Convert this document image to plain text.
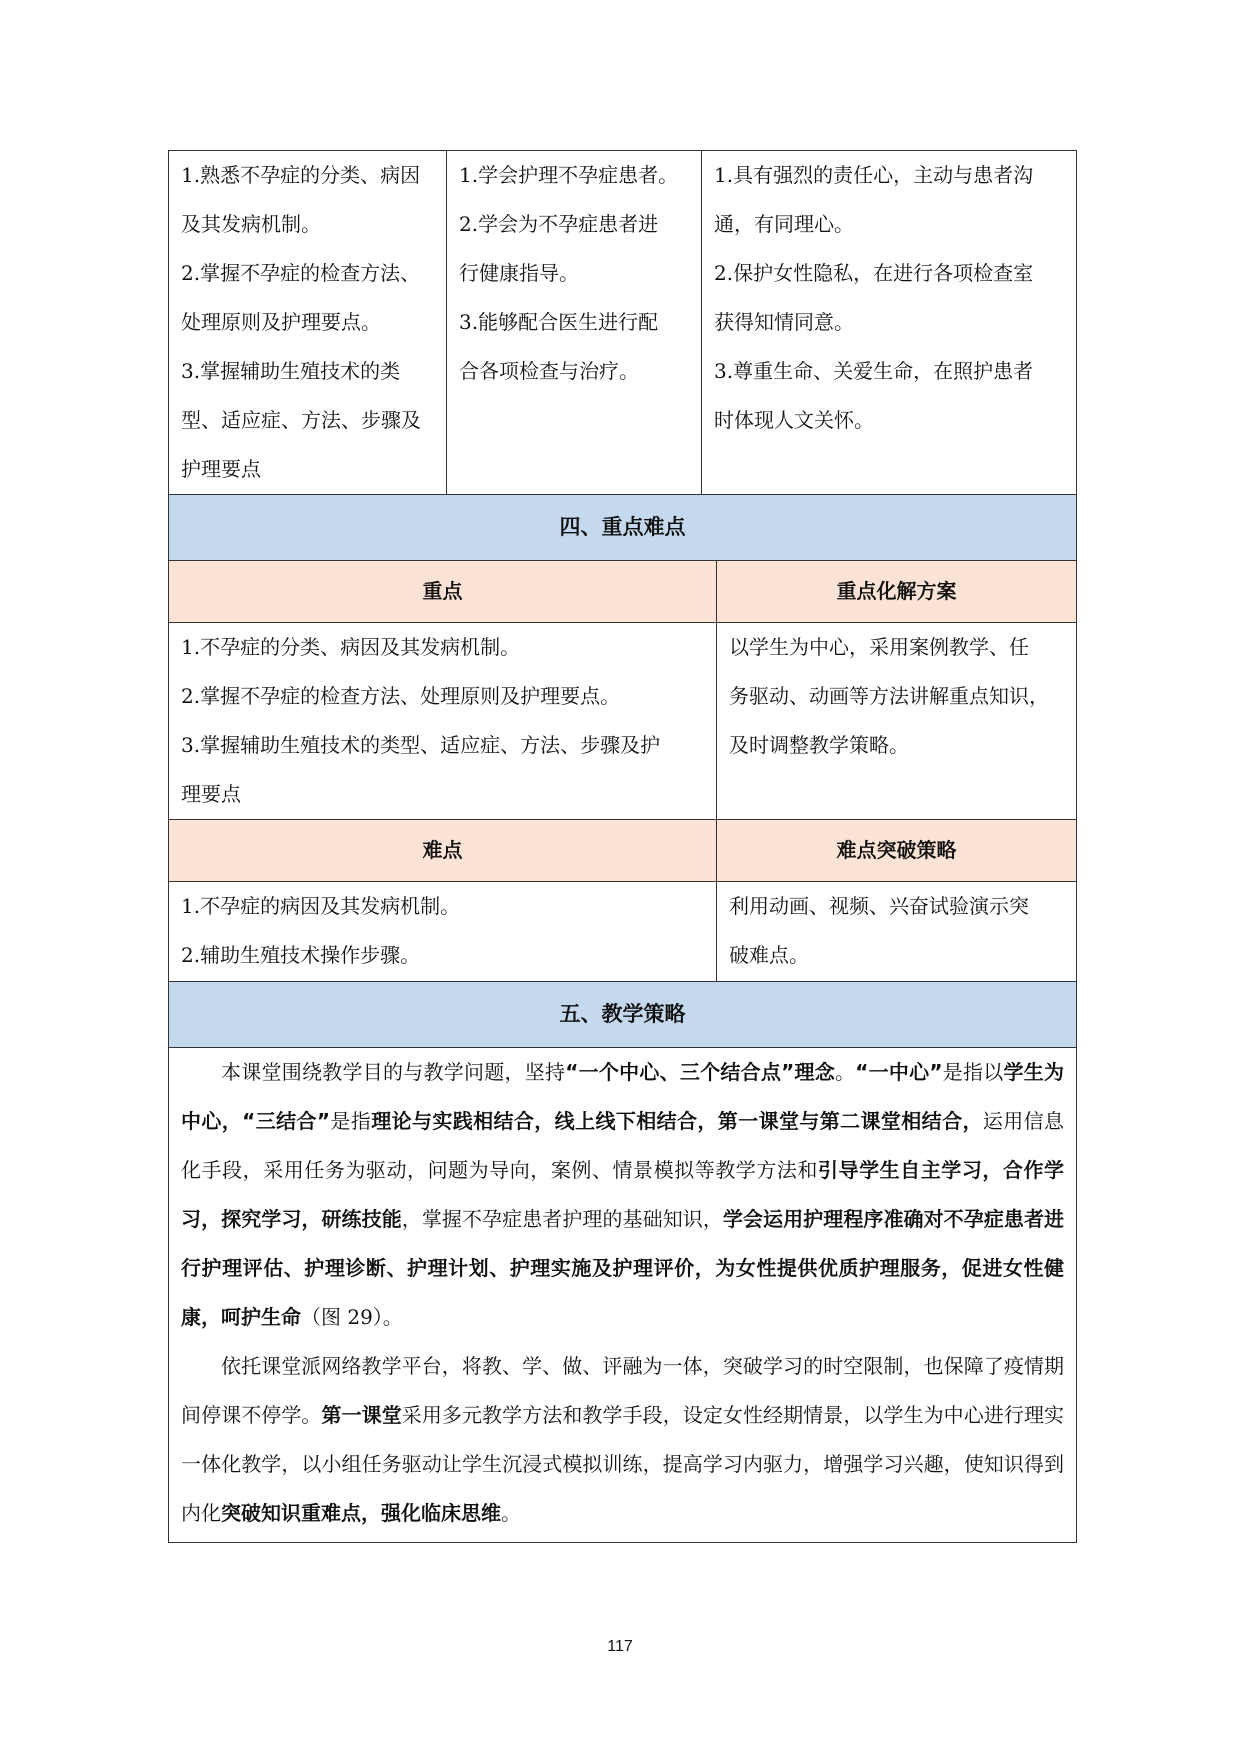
1.熟悉不孕症的分类、病因
及其发病机制。
2.掌握不孕症的检查方法、
处理原则及护理要点。
3.掌握辅助生殖技术的类
型、适应症、方法、步骤及
护理要点

1.学会护理不孕症患者。
2.学会为不孕症患者进
行健康指导。
3.能够配合医生进行配
合各项检查与治疗。

1.具有强烈的责任心，主动与患者沟
通，有同理心。
2.保护女性隐私，在进行各项检查室
获得知情同意。
3.尊重生命、关爱生命，在照护患者
时体现人文关怀。
四、重点难点	
重点	重点化解方案

1.不孕症的分类、病因及其发病机制。
2.掌握不孕症的检查方法、处理原则及护理要点。
3.掌握辅助生殖技术的类型、适应症、方法、步骤及护
理要点	以学生为中心，采用案例教学、任
务驱动、动画等方法讲解重点知识，
及时调整教学策略。

难点	难点突破策略

1.不孕症的病因及其发病机制。
2.辅助生殖技术操作步骤。	利用动画、视频、兴奋试验演示突
破难点。

五、教学策略	

本课堂围绕教学目的与教学问题，坚持“一个中心、三个结合点”理念。“一中心”是指以学生为中心，“三结合”是指理论与实践相结合，线上线下相结合，第一课堂与第二课堂相结合，运用信息化手段，采用任务为驱动，问题为导向，案例、情景模拟等教学方法和引导学生自主学习，合作学习，探究学习，研练技能，掌握不孕症患者护理的基础知识，学会运用护理程序准确对不孕症患者进行护理评估、护理诊断、护理计划、护理实施及护理评价，为女性提供优质护理服务，促进女性健康，呵护生命（图 29）。
依托课堂派网络教学平台，将教、学、做、评融为一体，突破学习的时空限制，也保障了疫情期间停课不停学。第一课堂采用多元教学方法和教学手段，设定女性经期情景，以学生为中心进行理实一体化教学，以小组任务驱动让学生沉浸式模拟训练，提高学习内驱力，增强学习兴趣，使知识得到内化突破知识重难点，强化临床思维。	
117
